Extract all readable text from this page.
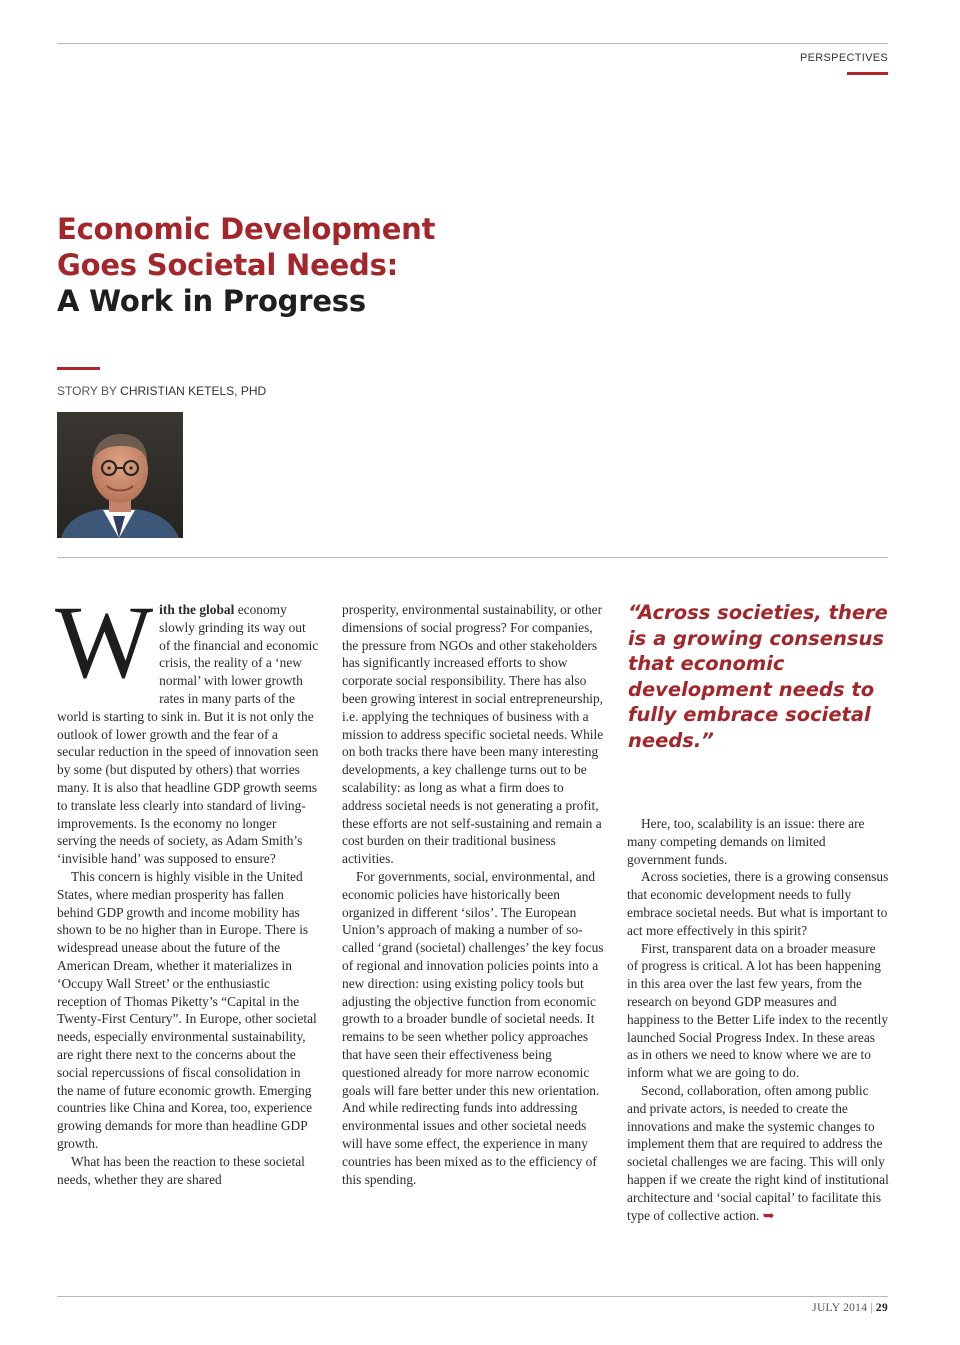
PERSPECTIVES
Economic Development
Goes Societal Needs:
A Work in Progress
STORY BY CHRISTIAN KETELS, PHD

With the global economy slowly grinding its way out of the financial and economic crisis, the reality of a ‘new normal’ with lower growth rates in many parts of the world is starting to sink in. But it is not only the outlook of lower growth and the fear of a secular reduction in the speed of innovation seen by some (but disputed by others) that worries many. It is also that headline GDP growth seems to translate less clearly into standard of living-improvements. Is the economy no longer serving the needs of society, as Adam Smith’s ‘invisible hand’ was supposed to ensure?

This concern is highly visible in the United States, where median prosperity has fallen behind GDP growth and income mobility has shown to be no higher than in Europe. There is widespread unease about the future of the American Dream, whether it materializes in ‘Occupy Wall Street’ or the enthusiastic reception of Thomas Piketty’s “Capital in the Twenty-First Century”. In Europe, other societal needs, especially environmental sustainability, are right there next to the concerns about the social repercussions of fiscal consolidation in the name of future economic growth. Emerging countries like China and Korea, too, experience growing demands for more than headline GDP growth.

What has been the reaction to these societal needs, whether they are shared

prosperity, environmental sustainability, or other dimensions of social progress? For companies, the pressure from NGOs and other stakeholders has significantly increased efforts to show corporate social responsibility. There has also been growing interest in social entrepreneurship, i.e. applying the techniques of business with a mission to address specific societal needs. While on both tracks there have been many interesting developments, a key challenge turns out to be scalability: as long as what a firm does to address societal needs is not generating a profit, these efforts are not self-sustaining and remain a cost burden on their traditional business activities.

For governments, social, environmental, and economic policies have historically been organized in different ‘silos’. The European Union’s approach of making a number of so-called ‘grand (societal) challenges’ the key focus of regional and innovation policies points into a new direction: using existing policy tools but adjusting the objective function from economic growth to a broader bundle of societal needs. It remains to be seen whether policy approaches that have seen their effectiveness being questioned already for more narrow economic goals will fare better under this new orientation. And while redirecting funds into addressing environmental issues and other societal needs will have some effect, the experience in many countries has been mixed as to the efficiency of this spending.

“Across societies, there is a growing consensus that economic development needs to fully embrace societal needs.”

Here, too, scalability is an issue: there are many competing demands on limited government funds.

Across societies, there is a growing consensus that economic development needs to fully embrace societal needs. But what is important to act more effectively in this spirit?

First, transparent data on a broader measure of progress is critical. A lot has been happening in this area over the last few years, from the research on beyond GDP measures and happiness to the Better Life index to the recently launched Social Progress Index. In these areas as in others we need to know where we are to inform what we are going to do.

Second, collaboration, often among public and private actors, is needed to create the innovations and make the systemic changes to implement them that are required to address the societal challenges we are facing. This will only happen if we create the right kind of institutional architecture and ‘social capital’ to facilitate this type of collective action. ➥

JULY 2014 | 29
